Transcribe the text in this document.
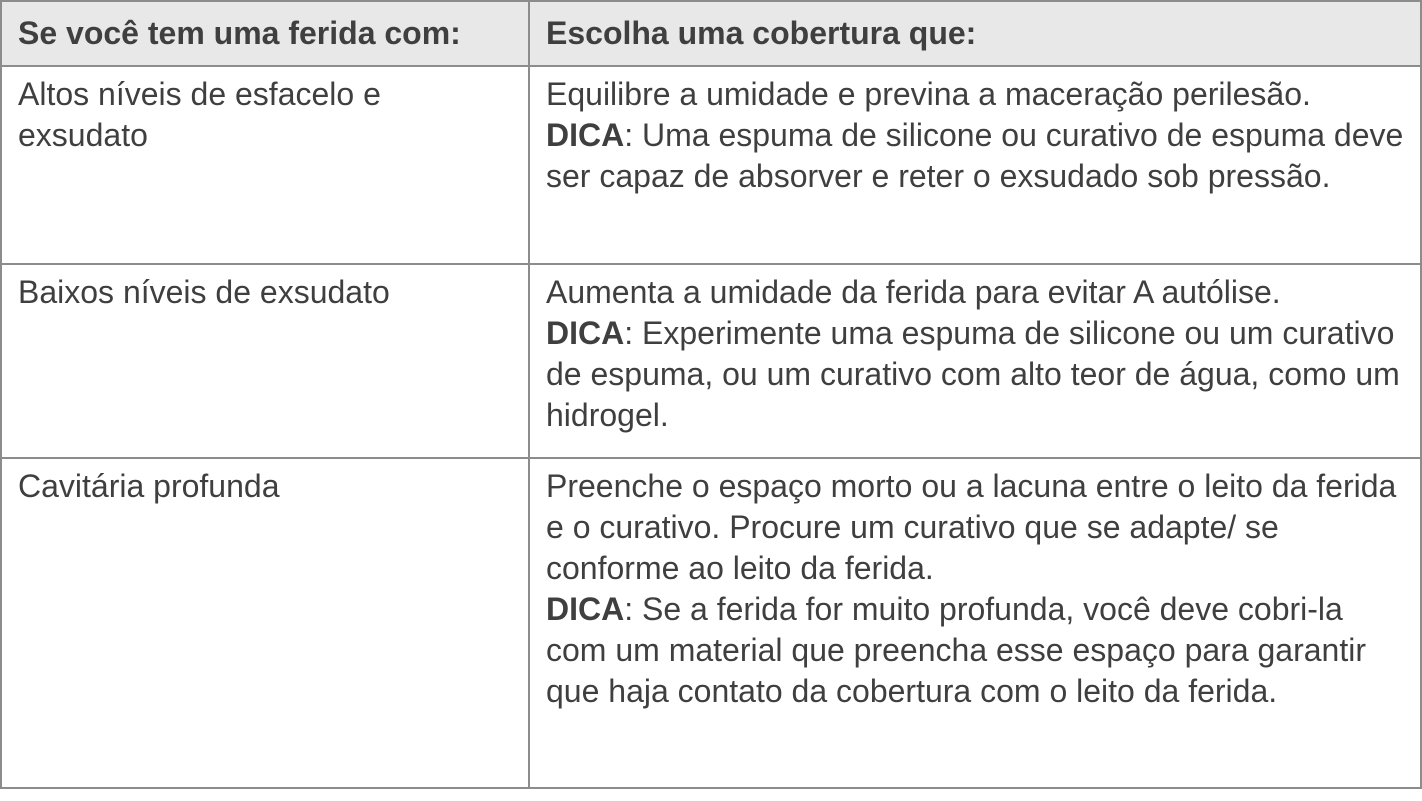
Se você tem uma ferida com:	Escolha uma cobertura que:
Altos níveis de esfacelo e exsudato	Equilibre a umidade e previna a maceração perilesão.
DICA: Uma espuma de silicone ou curativo de espuma deve ser capaz de absorver e reter o exsudado sob pressão.

Baixos níveis de exsudato	Aumenta a umidade da ferida para evitar A autólise.
DICA: Experimente uma espuma de silicone ou um curativo de espuma, ou um curativo com alto teor de água, como um hidrogel.

Cavitária profunda	Preenche o espaço morto ou a lacuna entre o leito da ferida e o curativo. Procure um curativo que se adapte/ se conforme ao leito da ferida.
DICA: Se a ferida for muito profunda, você deve cobri-la com um material que preencha esse espaço para garantir que haja contato da cobertura com o leito da ferida.
